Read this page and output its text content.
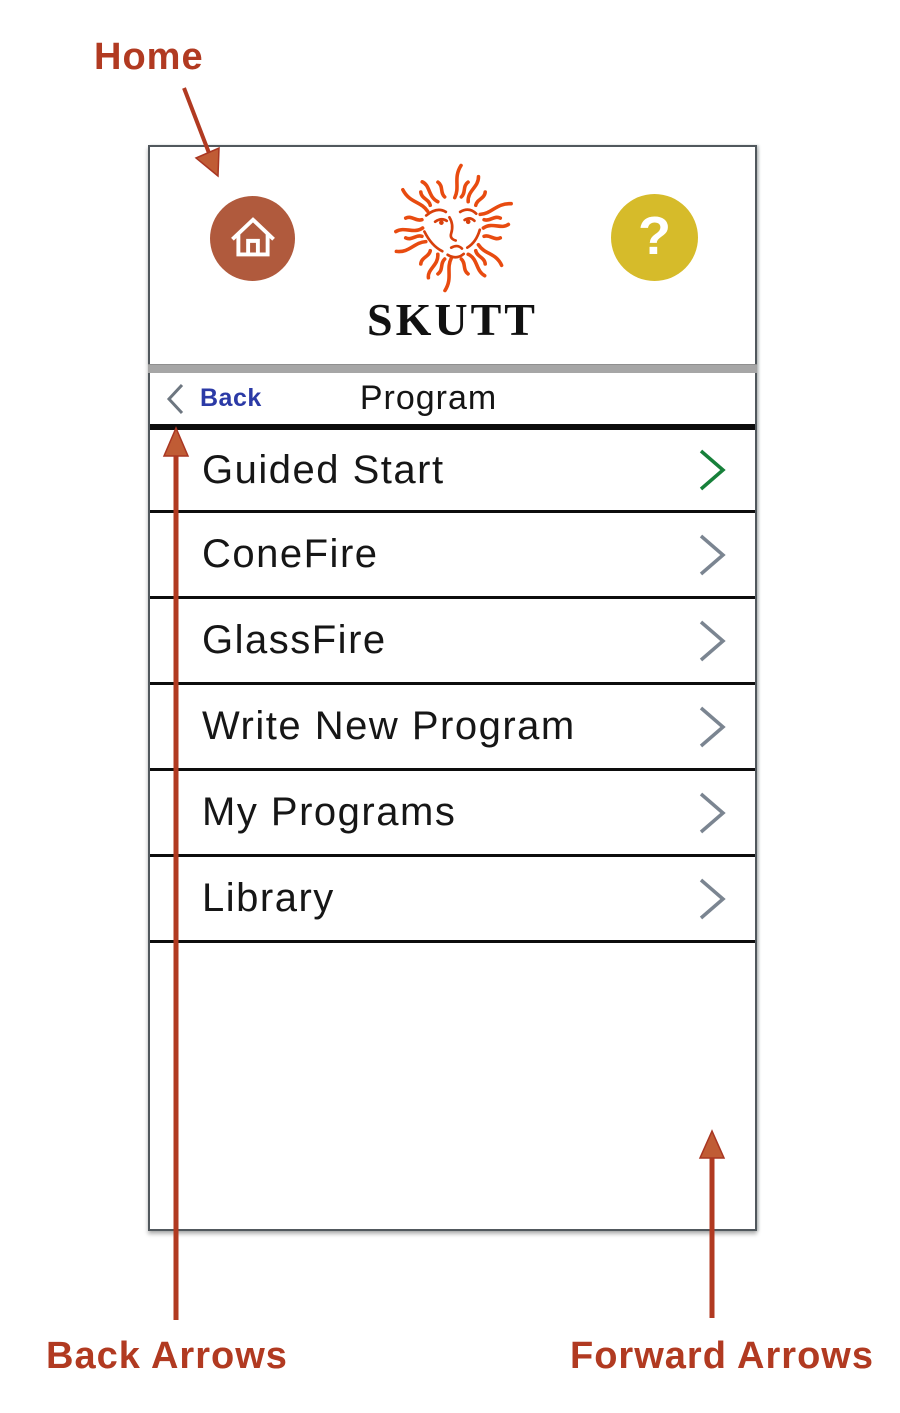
Home
Back Arrows	Forward Arrows
SKUTT
?
Back	Program
Guided Start
ConeFire
GlassFire
Write New Program
My Programs
Library
